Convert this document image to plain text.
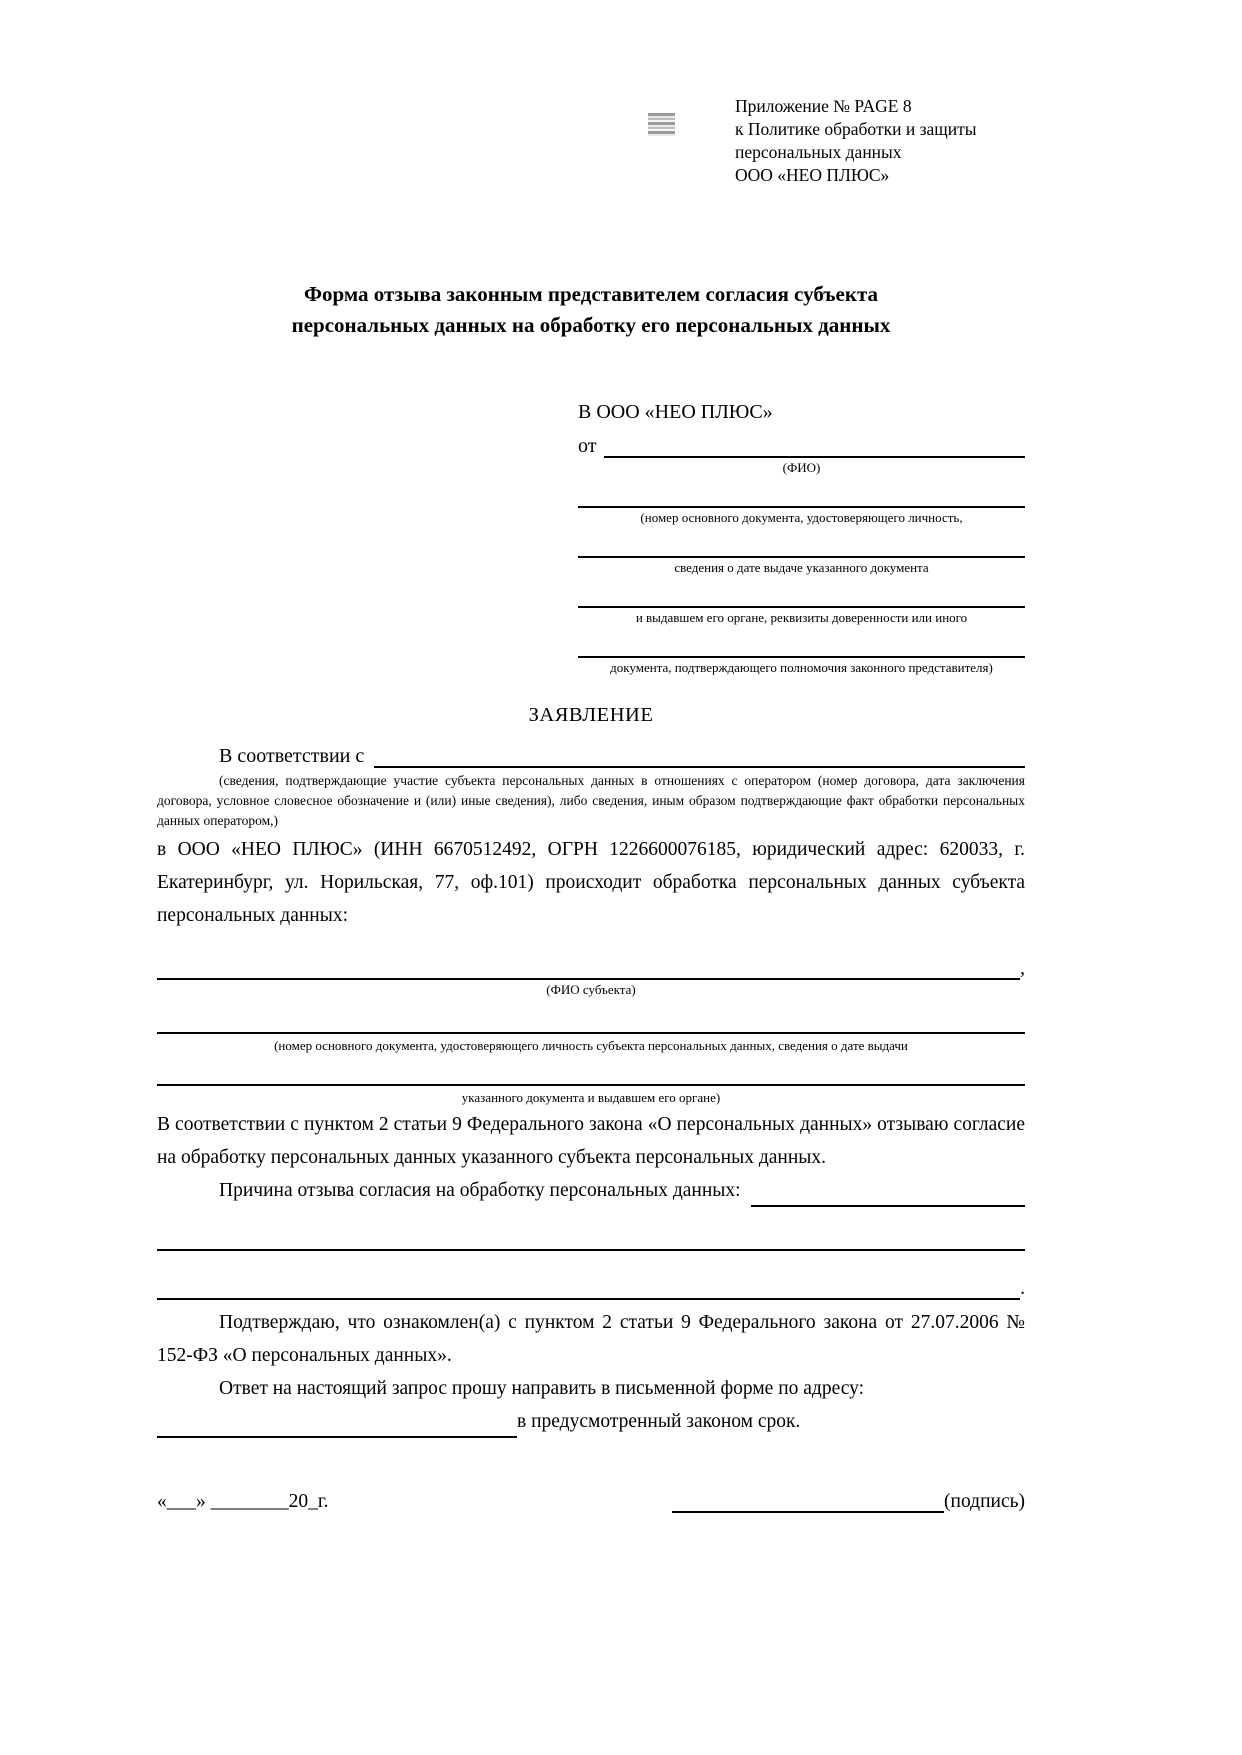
Приложение № PAGE 8
к Политике обработки и защиты
персональных данных
ООО «НЕО ПЛЮС»
Форма отзыва законным представителем согласия субъекта
персональных данных на обработку его персональных данных
В ООО «НЕО ПЛЮС»
от
(ФИО)
(номер основного документа, удостоверяющего личность,
сведения о дате выдаче указанного документа
и выдавшем его органе, реквизиты доверенности или иного
документа, подтверждающего полномочия законного представителя)
ЗАЯВЛЕНИЕ
В соответствии с
(сведения, подтверждающие участие субъекта персональных данных в отношениях с оператором (номер договора, дата заключения договора, условное словесное обозначение и (или) иные сведения), либо сведения, иным образом подтверждающие факт обработки персональных данных оператором,)
в ООО «НЕО ПЛЮС» (ИНН 6670512492, ОГРН 1226600076185, юридический адрес: 620033, г. Екатеринбург, ул. Норильская, 77, оф.101) происходит обработка персональных данных субъекта персональных данных:
,
(ФИО субъекта)
(номер основного документа, удостоверяющего личность субъекта персональных данных, сведения о дате выдачи
указанного документа и выдавшем его органе)
В соответствии с пунктом 2 статьи 9 Федерального закона «О персональных данных» отзываю согласие на обработку персональных данных указанного субъекта персональных данных.
Причина отзыва согласия на обработку персональных данных:
.
Подтверждаю, что ознакомлен(а) с пунктом 2 статьи 9 Федерального закона от 27.07.2006 № 152-ФЗ «О персональных данных».
Ответ на настоящий запрос прошу направить в письменной форме по адресу:
в предусмотренный законом срок.
«___» ________20_г.	(подпись)
